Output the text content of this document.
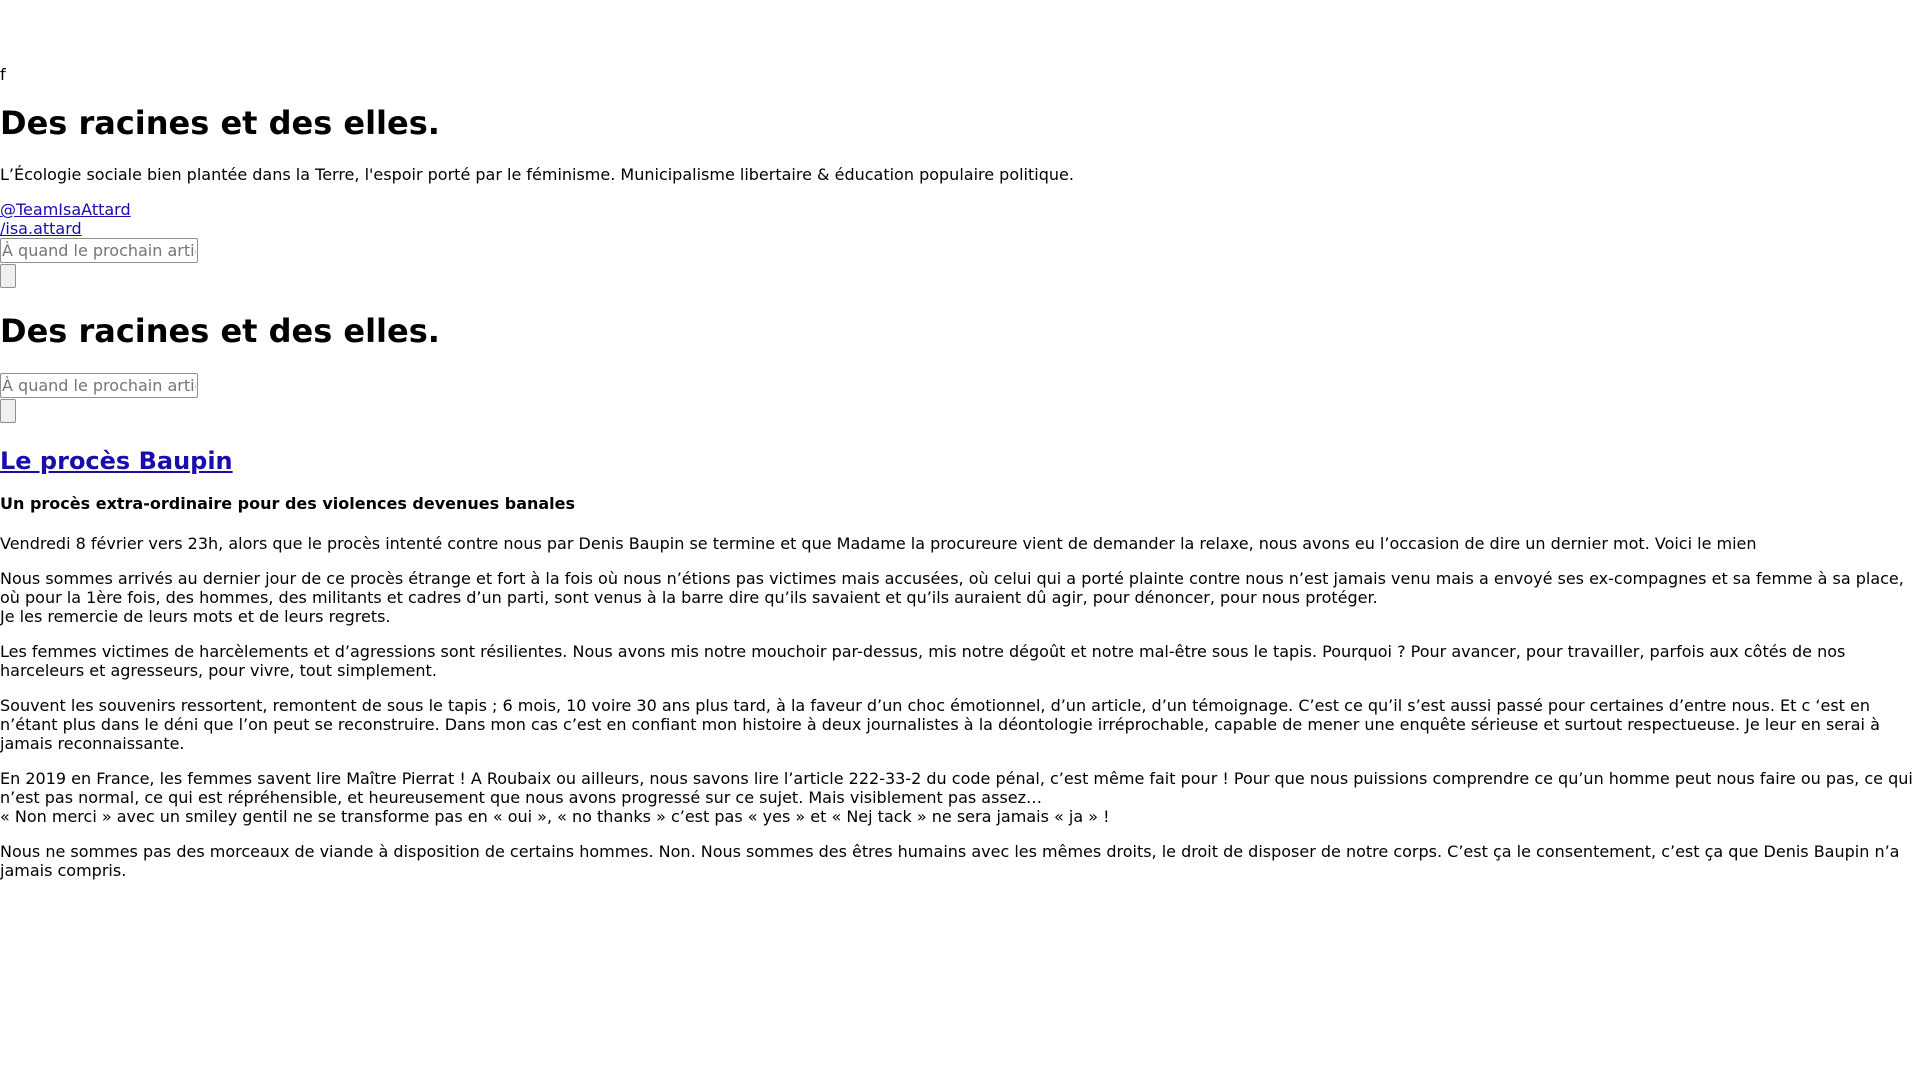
f
Des racines et des elles.

L’Écologie sociale bien plantée dans la Terre, l'espoir porté par le féminisme. Municipalisme libertaire & éducation populaire politique.

@TeamIsaAttard
/isa.attard
À quand le prochain article ?
Des racines et des elles.
À quand le prochain article ?
Le procès Baupin

Un procès extra-ordinaire pour des violences devenues banales

Vendredi 8 février vers 23h, alors que le procès intenté contre nous par Denis Baupin se termine et que Madame la procureure vient de demander la relaxe, nous avons eu l’occasion de dire un dernier mot. Voici le mien

Nous sommes arrivés au dernier jour de ce procès étrange et fort à la fois où nous n’étions pas victimes mais accusées, où celui qui a porté plainte contre nous n’est jamais venu mais a envoyé ses ex-compagnes et sa femme à sa place, où pour la 1ère fois, des hommes, des militants et cadres d’un parti, sont venus à la barre dire qu’ils savaient et qu’ils auraient dû agir, pour dénoncer, pour nous protéger.
Je les remercie de leurs mots et de leurs regrets.

Les femmes victimes de harcèlements et d’agressions sont résilientes. Nous avons mis notre mouchoir par-dessus, mis notre dégoût et notre mal-être sous le tapis. Pourquoi ? Pour avancer, pour travailler, parfois aux côtés de nos harceleurs et agresseurs, pour vivre, tout simplement.

Souvent les souvenirs ressortent, remontent de sous le tapis ; 6 mois, 10 voire 30 ans plus tard, à la faveur d’un choc émotionnel, d’un article, d’un témoignage. C’est ce qu’il s’est aussi passé pour certaines d’entre nous. Et c ‘est en n’étant plus dans le déni que l’on peut se reconstruire. Dans mon cas c’est en confiant mon histoire à deux journalistes à la déontologie irréprochable, capable de mener une enquête sérieuse et surtout respectueuse. Je leur en serai à jamais reconnaissante.

En 2019 en France, les femmes savent lire Maître Pierrat ! A Roubaix ou ailleurs, nous savons lire l’article 222-33-2 du code pénal, c’est même fait pour ! Pour que nous puissions comprendre ce qu’un homme peut nous faire ou pas, ce qui n’est pas normal, ce qui est répréhensible, et heureusement que nous avons progressé sur ce sujet. Mais visiblement pas assez…
« Non merci » avec un smiley gentil ne se transforme pas en « oui », « no thanks » c’est pas « yes » et « Nej tack » ne sera jamais « ja » !

Nous ne sommes pas des morceaux de viande à disposition de certains hommes. Non. Nous sommes des êtres humains avec les mêmes droits, le droit de disposer de notre corps. C’est ça le consentement, c’est ça que Denis Baupin n’a jamais compris.
